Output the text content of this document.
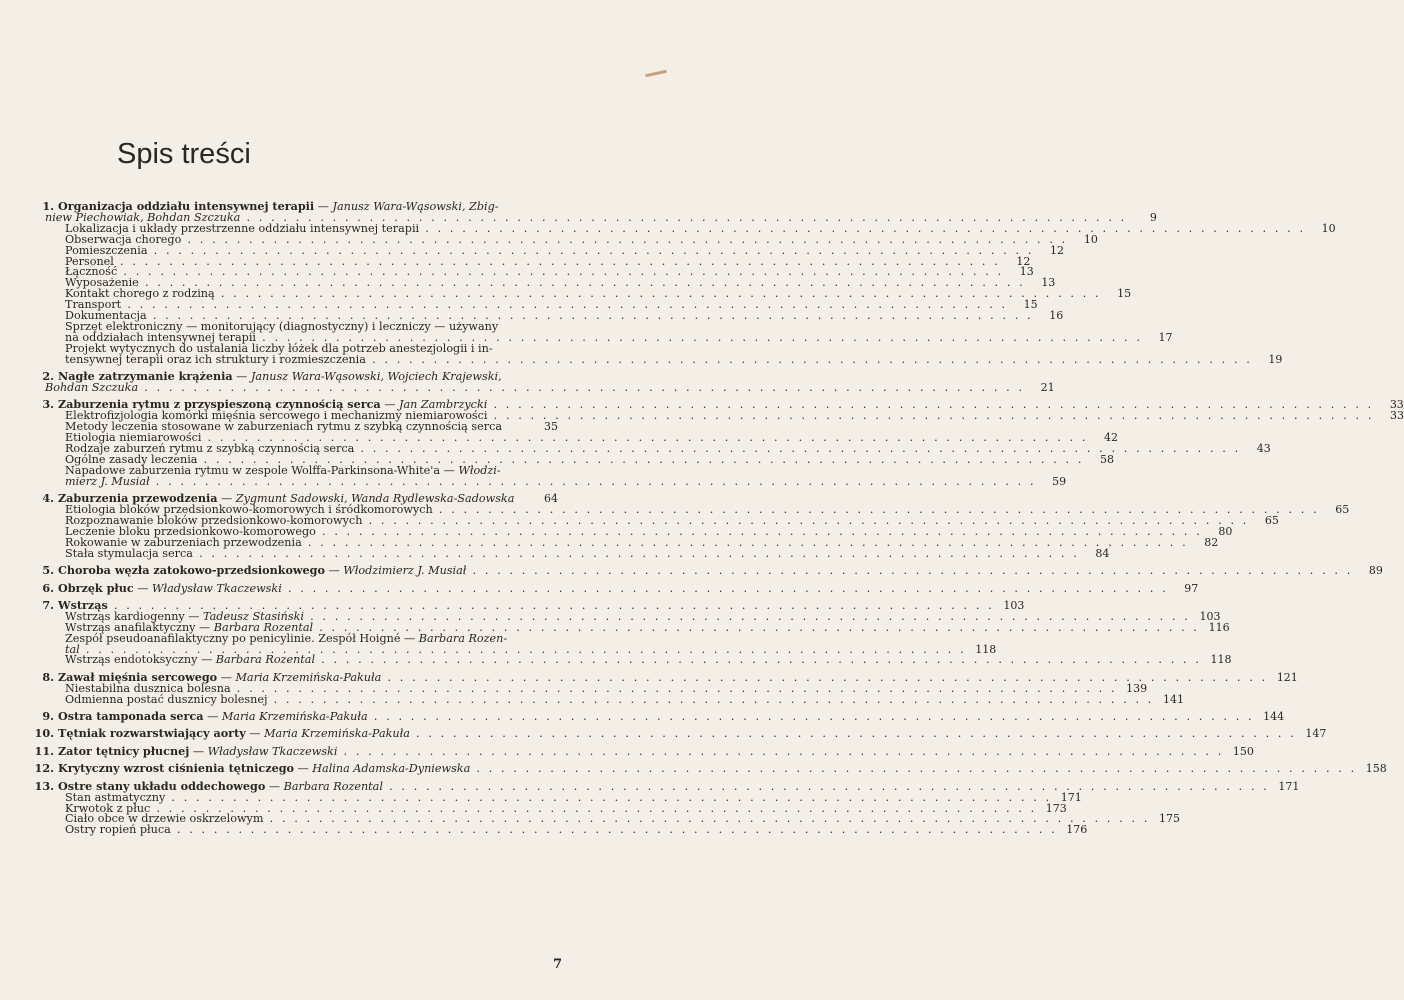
Spis treści
1. Organizacja oddziału intensywnej terapii — Janusz Wara-Wąsowski, Zbig-
niew Piechowiak, Bohdan Szczuka . . .	9
Lokalizacja i układy przestrzenne oddziału intensywnej terapii . . .	10
Obserwacja chorego . . .	10
Pomieszczenia . . .	12
Personel . . .	12
Łączność . . .	13
Wyposażenie . . .	13
Kontakt chorego z rodziną . . .	15
Transport . . .	15
Dokumentacja . . .	16
Sprzęt elektroniczny — monitorujący (diagnostyczny) i leczniczy — używany
na oddziałach intensywnej terapii . . .	17
Projekt wytycznych do ustalania liczby łóżek dla potrzeb anestezjologii i in-
tensywnej terapii oraz ich struktury i rozmieszczenia . . .	19
2. Nagłe zatrzymanie krążenia — Janusz Wara-Wąsowski, Wojciech Krajewski,
Bohdan Szczuka . . .	21
3. Zaburzenia rytmu z przyspieszoną czynnością serca — Jan Zambrzycki . . .	33
Elektrofizjologia komórki mięśnia sercowego i mechanizmy niemiarowości . . .	33
Metody leczenia stosowane w zaburzeniach rytmu z szybką czynnością serca	35
Etiologia niemiarowości . . .	42
Rodzaje zaburzeń rytmu z szybką czynnością serca . . .	43
Ogólne zasady leczenia . . .	58
Napadowe zaburzenia rytmu w zespole Wolffa-Parkinsona-White'a — Włodzi-
mierz J. Musiał . . .	59
4. Zaburzenia przewodzenia — Zygmunt Sadowski, Wanda Rydlewska-Sadowska	64
Etiologia bloków przedsionkowo-komorowych i śródkomorowych . . .	65
Rozpoznawanie bloków przedsionkowo-komorowych . . .	65
Leczenie bloku przedsionkowo-komorowego . . .	80
Rokowanie w zaburzeniach przewodzenia . . .	82
Stała stymulacja serca . . .	84
5. Choroba węzła zatokowo-przedsionkowego — Włodzimierz J. Musiał . . .	89
6. Obrzęk płuc — Władysław Tkaczewski . . .	97
7. Wstrząs . . .	103
Wstrząs kardiogenny — Tadeusz Stasiński . . .	103
Wstrząs anafilaktyczny — Barbara Rozental . . .	116
Zespół pseudoanafilaktyczny po penicylinie. Zespół Hoigné — Barbara Rozen-
tal . . .	118
Wstrząs endotoksyczny — Barbara Rozental . . .	118
8. Zawał mięśnia sercowego — Maria Krzemińska-Pakuła . . .	121
Niestabilna dusznica bolesna . . .	139
Odmienna postać dusznicy bolesnej . . .	141
9. Ostra tamponada serca — Maria Krzemińska-Pakuła . . .	144
10. Tętniak rozwarstwiający aorty — Maria Krzemińska-Pakuła . . .	147
11. Zator tętnicy płucnej — Władysław Tkaczewski . . .	150
12. Krytyczny wzrost ciśnienia tętniczego — Halina Adamska-Dyniewska . . .	158
13. Ostre stany układu oddechowego — Barbara Rozental . . .	171
Stan astmatyczny . . .	171
Krwotok z płuc . . .	173
Ciało obce w drzewie oskrzelowym . . .	175
Ostry ropień płuca . . .	176
7
